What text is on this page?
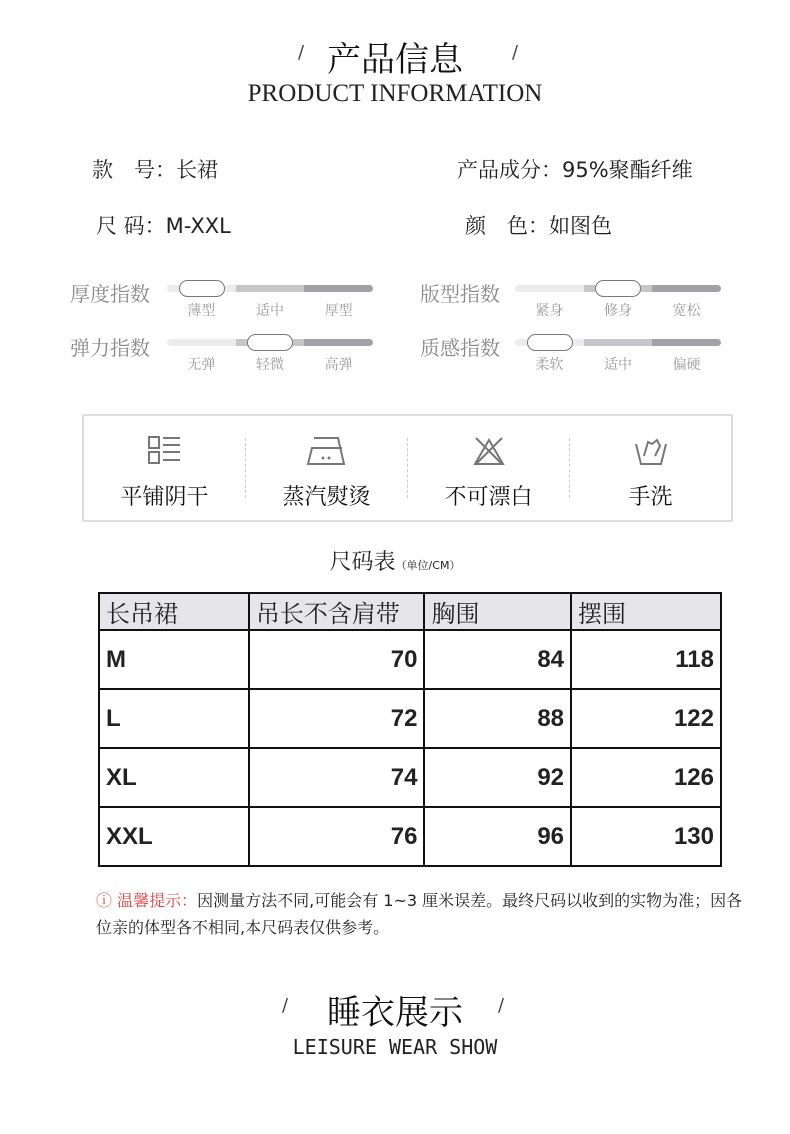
/	/
产品信息
PRODUCT INFORMATION
款　号：长裙	产品成分：95%聚酯纤维
尺 码：M-XXL	颜　色：如图色
厚度指数
薄型	适中	厚型
版型指数
紧身	修身	宽松
弹力指数
无弹	轻微	高弹
质感指数
柔软	适中	偏硬
平铺阴干	蒸汽熨烫	不可漂白	手洗
尺码表（单位/CM）
长吊裙	吊长不含肩带	胸围	摆围
M	70	84	118
L	72	88	122
XL	74	92	126
XXL	76	96	130
ⓘ 温馨提示：因测量方法不同,可能会有 1~3 厘米误差。最终尺码以收到的实物为准；因各位亲的体型各不相同,本尺码表仅供参考。
/	/
睡衣展示
LEISURE WEAR SHOW
